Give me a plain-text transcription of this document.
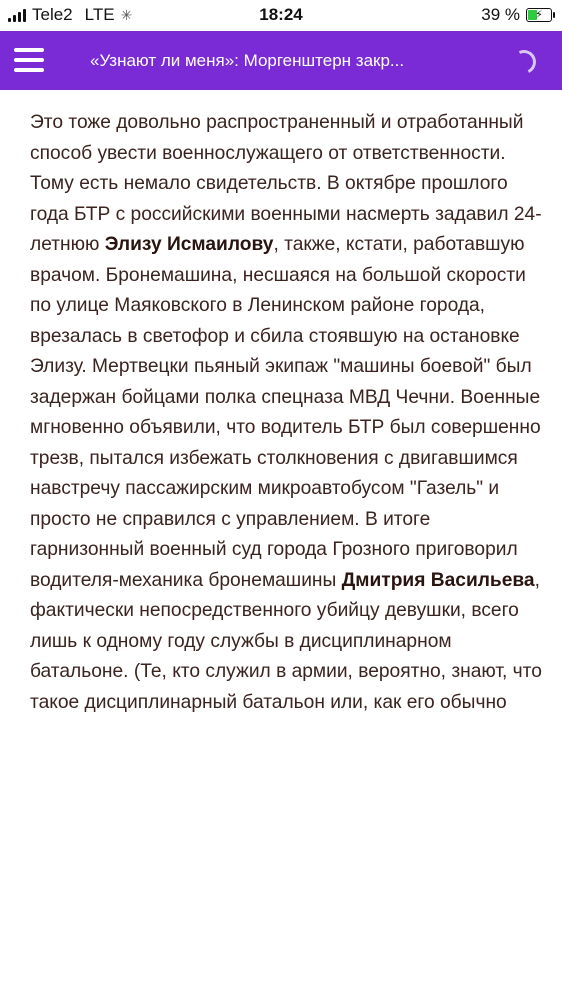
Tele2 LTE ✳	18:24	39 % ⚡
«Узнают ли меня»: Моргенштерн закр...

Это тоже довольно распространенный и отработанный способ увести военнослужащего от ответственности. Тому есть немало свидетельств. В октябре прошлого года БТР с российскими военными насмерть задавил 24-летнюю Элизу Исмаилову, также, кстати, работавшую врачом. Бронемашина, несшаяся на большой скорости по улице Маяковского в Ленинском районе города, врезалась в светофор и сбила стоявшую на остановке Элизу. Мертвецки пьяный экипаж "машины боевой" был задержан бойцами полка спецназа МВД Чечни. Военные мгновенно объявили, что водитель БТР был совершенно трезв, пытался избежать столкновения с двигавшимся навстречу пассажирским микроавтобусом "Газель" и просто не справился с управлением. В итоге гарнизонный военный суд города Грозного приговорил водителя-механика бронемашины Дмитрия Васильева, фактически непосредственного убийцу девушки, всего лишь к одному году службы в дисциплинарном батальоне. (Те, кто служил в армии, вероятно, знают, что такое дисциплинарный батальон или, как его обычно
